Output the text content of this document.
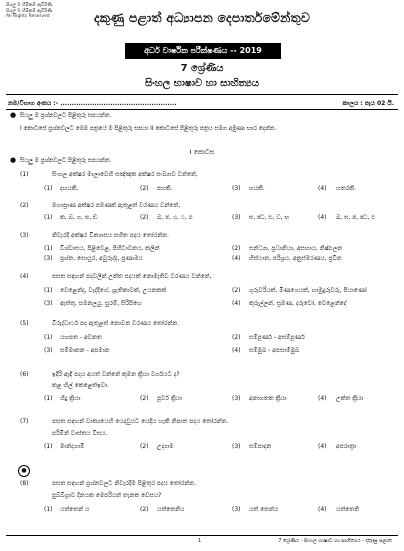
සියලු ම හිමිකම් ඇවිරිණි
සියලු ම හිමිකම් ඇවිරිණි
All Rights Reserved	දකුණු පළාත් අධ්‍යාපන දෙපාර්තමේන්තුව
අර්ධ වාර්ෂික පරීක්ෂණය -- 2019
7 ශ්‍රේණිය
සිංහල භාෂාව හා සාහිත්‍යය
නම/විභාග අංකය :- ...................................................	කාලය : පැය 02 යි.
● සියලු ම ප්‍රශ්නවලට පිළිතුරු සපයන්න.
I කොටසේ ප්‍රශ්නවලට මෙම පත්‍රයේ ම පිළිතුරු සපයා II කොටසේ පිළිතුරු පත්‍රය සමග අමුණා භාර දෙන්න.
I කොටස
● සියලු ම ප්‍රශ්නවලට පිළිතුරු සපයන්න.
(1)	සිංහල අක්ෂර මාලාවෙහි සඤ්ඤක අක්ෂර සංඛ්‍යාව වන්නේ,
(1) දහයකි.	(2) පහකි.	(3) හයකි.	(4) හතරකි.
(2)	මහාප්‍රාණ අක්ෂර පමණක් ඇතුළත් වරණය වන්නේ,
(1) ක, ඛ, ග, ඝ, ඞ	(2) ඛ, ඡ, ඨ, ථ, ඵ	(3) ඝ, ඣ, ඪ, ධ, භ	(4) ඛ, ඝ, ඡ, ඣ, ඵ
(3)	නිවැරදි අක්ෂර වින්‍යාසය සහිත පදය තෝරන්න.
(1) විශ්වාසය, පිළිවෙළ, පිහිටාවනය, කලින්	(2) සන්ධ්‍යා, ප්‍රධානියා, අසහාය, නිෂ්ඵලන
(3) ප්‍රශ්න, සොයුර, අවුරුද්ද, ප්‍රණාමය	(4) හිස්ථාන, පරිශ්‍රය, අනුස්මරණය, ප්‍රවීන
(4)	පසත සඳහන් පදවලින් උක්ත පදයක් නොමැතිව වරණය වන්නේ,
(1) වෙළෙන්දා, වැද්දිගේ, ශ්‍රැතිකාවක්, උයනකක්	(2) ගුරුවරියක්, මිණගෙයක්, හාමුදුරුවරු, පියාණෝ
(3) ඇත්තු, සමනලයු, සුරම්, සිරිපිහෙ	(4) කුරුල්ලන්, ස්‍රමණ, දරුවෝ, වෙළෙන්දේ
(5)	විරුද්ධාර්ථ පද ඇතුළත් නොවන වරණය තෝරන්න.
(1) යහපත - අවනත	(2) සම්පූර්ණ - අසම්පූර්ණ
(3) සම්මානන - අපමාන	(4) සම්මුඛ - අපසාම්මුඛ
(6)	ඉදිරි ඇඳි පදය අයත් වන්නේ කුමන ක්‍රියා වර්ගයට ද?
කළ හිල් කෙළෙත්ඉවා.
(1) හිදු ක්‍රියා	(2) පූර්ව ක්‍රියා	(3) අනාගතක ක්‍රියා	(4) උක්ත ක්‍රියා
(7)	පසත සඳහන් වාක්‍යයෙහි යෙදවුයට යෙදිය හැකි නිපාත පදය තෝරන්න.
පරිමින් වාස්තය විසය.
(1) මාන්දගාමී	(2) උද්‍යාම	(3) සම්පාදන	(4) අපරාත්‍රා
●
(8)	පසත සඳහන් ප්‍රශ්නවලට නිවැරදිම පිළිතුර පදය තෝරන්න.
පුබ්බිග්‍රාව දිනයක මෙපරියන් තැනක වෙසය?
(1) යත්තෙන් ය	(2) යත්තෙනිය	(3) යත් තෙන්ය	(4) යත්තෙනි
1	7 ශ්‍රේණිය - සිංහල භාෂාව හා සාහිත්‍යය - දකුණු පළාත
